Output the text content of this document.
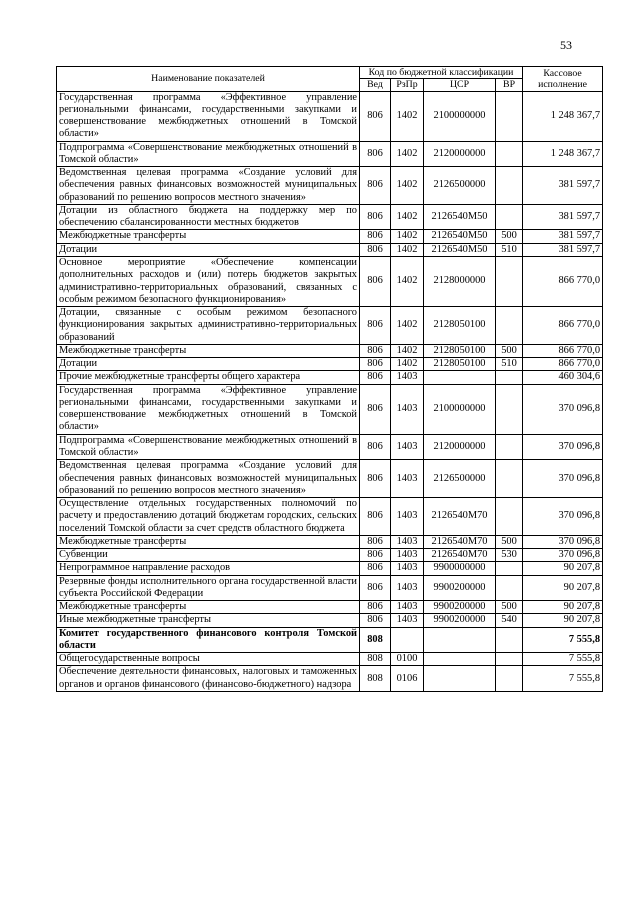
53
Наименование показателей	Код по бюджетной классификации				Кассовое исполнение
	Вед	РзПр	ЦСР	ВР	
Государственная программа «Эффективное управление региональными финансами, государственными закупками и совершенствование межбюджетных отношений в Томской области»	806	1402	2100000000		1 248 367,7
Подпрограмма «Совершенствование межбюджетных отношений в Томской области»	806	1402	2120000000		1 248 367,7
Ведомственная целевая программа «Создание условий для обеспечения равных финансовых возможностей муниципальных образований по решению вопросов местного значения»	806	1402	2126500000		381 597,7
Дотации из областного бюджета на поддержку мер по обеспечению сбалансированности местных бюджетов	806	1402	2126540М50		381 597,7
Межбюджетные трансферты	806	1402	2126540М50	500	381 597,7
Дотации	806	1402	2126540М50	510	381 597,7
Основное мероприятие «Обеспечение компенсации дополнительных расходов и (или) потерь бюджетов закрытых административно-территориальных образований, связанных с особым режимом безопасного функционирования»	806	1402	2128000000		866 770,0
Дотации, связанные с особым режимом безопасного функционирования закрытых административно-территориальных образований	806	1402	2128050100		866 770,0
Межбюджетные трансферты	806	1402	2128050100	500	866 770,0
Дотации	806	1402	2128050100	510	866 770,0
Прочие межбюджетные трансферты общего характера	806	1403			460 304,6
Государственная программа «Эффективное управление региональными финансами, государственными закупками и совершенствование межбюджетных отношений в Томской области»	806	1403	2100000000		370 096,8
Подпрограмма «Совершенствование межбюджетных отношений в Томской области»	806	1403	2120000000		370 096,8
Ведомственная целевая программа «Создание условий для обеспечения равных финансовых возможностей муниципальных образований по решению вопросов местного значения»	806	1403	2126500000		370 096,8
Осуществление отдельных государственных полномочий по расчету и предоставлению дотаций бюджетам городских, сельских поселений Томской области за счет средств областного бюджета	806	1403	2126540М70		370 096,8
Межбюджетные трансферты	806	1403	2126540М70	500	370 096,8
Субвенции	806	1403	2126540М70	530	370 096,8
Непрограммное направление расходов	806	1403	9900000000		90 207,8
Резервные фонды исполнительного органа государственной власти субъекта Российской Федерации	806	1403	9900200000		90 207,8
Межбюджетные трансферты	806	1403	9900200000	500	90 207,8
Иные межбюджетные трансферты	806	1403	9900200000	540	90 207,8
Комитет государственного финансового контроля Томской области	808				7 555,8
Общегосударственные вопросы	808	0100			7 555,8
Обеспечение деятельности финансовых, налоговых и таможенных органов и органов финансового (финансово-бюджетного) надзора	808	0106			7 555,8
